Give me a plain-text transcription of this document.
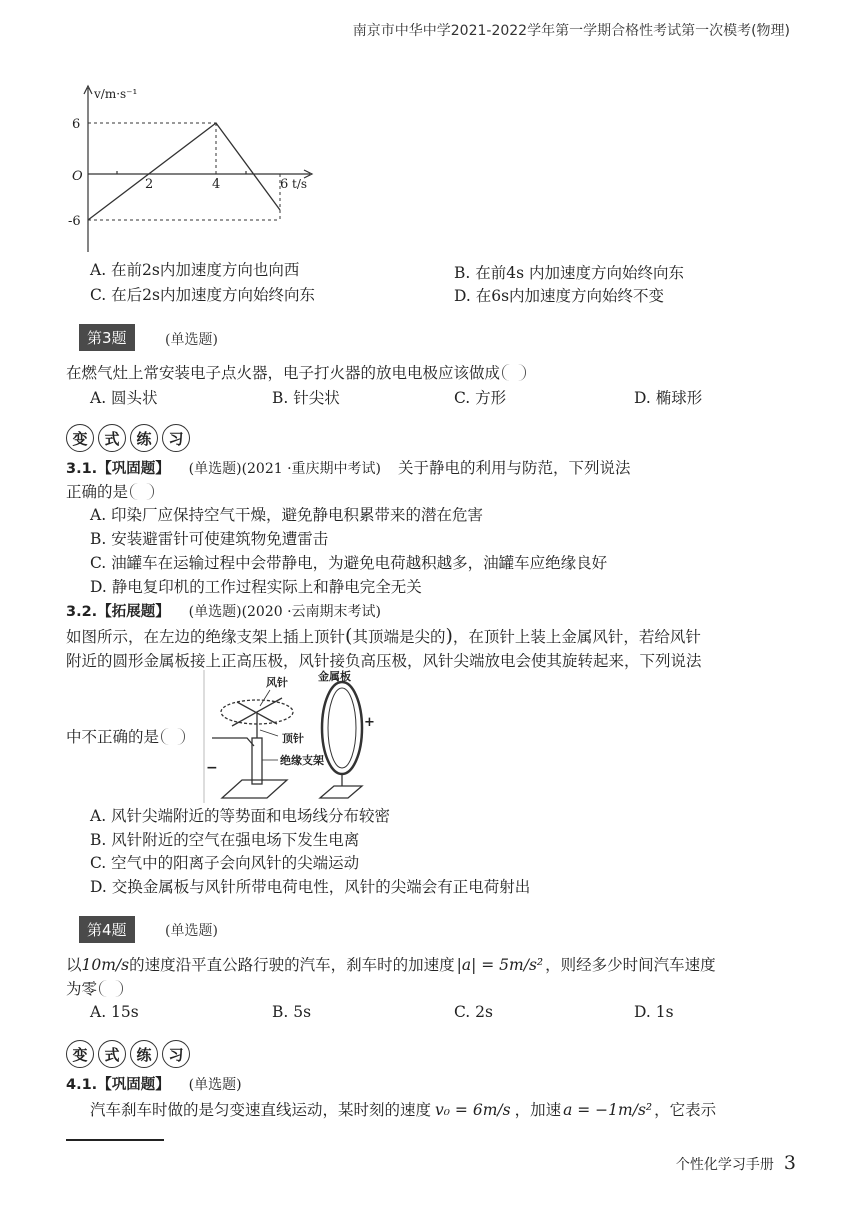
南京市中华中学2021-2022学年第一学期合格性考试第一次模考(物理)
v/m·s⁻¹
6
-6
O
2	4	6 t/s
A. 在前2s内加速度方向也向西	B. 在前4s 内加速度方向始终向东
C. 在后2s内加速度方向始终向东	D. 在6s内加速度方向始终不变
第3题	(单选题)
在燃气灶上常安装电子点火器，电子打火器的放电电极应该做成
A. 圆头状	B. 针尖状	C. 方形	D. 椭球形
变	式	练	习
3.1.【巩固题】 (单选题)(2021 ·重庆期中考试) 关于静电的利用与防范，下列说法
正确的是
A. 印染厂应保持空气干燥，避免静电积累带来的潜在危害
B. 安装避雷针可使建筑物免遭雷击
C. 油罐车在运输过程中会带静电，为避免电荷越积越多，油罐车应绝缘良好
D. 静电复印机的工作过程实际上和静电完全无关
3.2.【拓展题】 (单选题)(2020 ·云南期末考试)
如图所示，在左边的绝缘支架上插上顶针(其顶端是尖的)，在顶针上装上金属风针，若给风针
附近的圆形金属板接上正高压极，风针接负高压极，风针尖端放电会使其旋转起来，下列说法
中不正确的是
风针	金属板
顶针
绝缘支架
+
−
A. 风针尖端附近的等势面和电场线分布较密
B. 风针附近的空气在强电场下发生电离
C. 空气中的阳离子会向风针的尖端运动
D. 交换金属板与风针所带电荷电性，风针的尖端会有正电荷射出
第4题	(单选题)
以10m/s的速度沿平直公路行驶的汽车，刹车时的加速度 |a| = 5m/s² ，则经多少时间汽车速度
为零
A. 15s	B. 5s	C. 2s	D. 1s
变	式	练	习
4.1.【巩固题】 (单选题)
汽车刹车时做的是匀变速直线运动，某时刻的速度 v₀ = 6m/s ，加速 a = −1m/s² ，它表示
个性化学习手册 3
